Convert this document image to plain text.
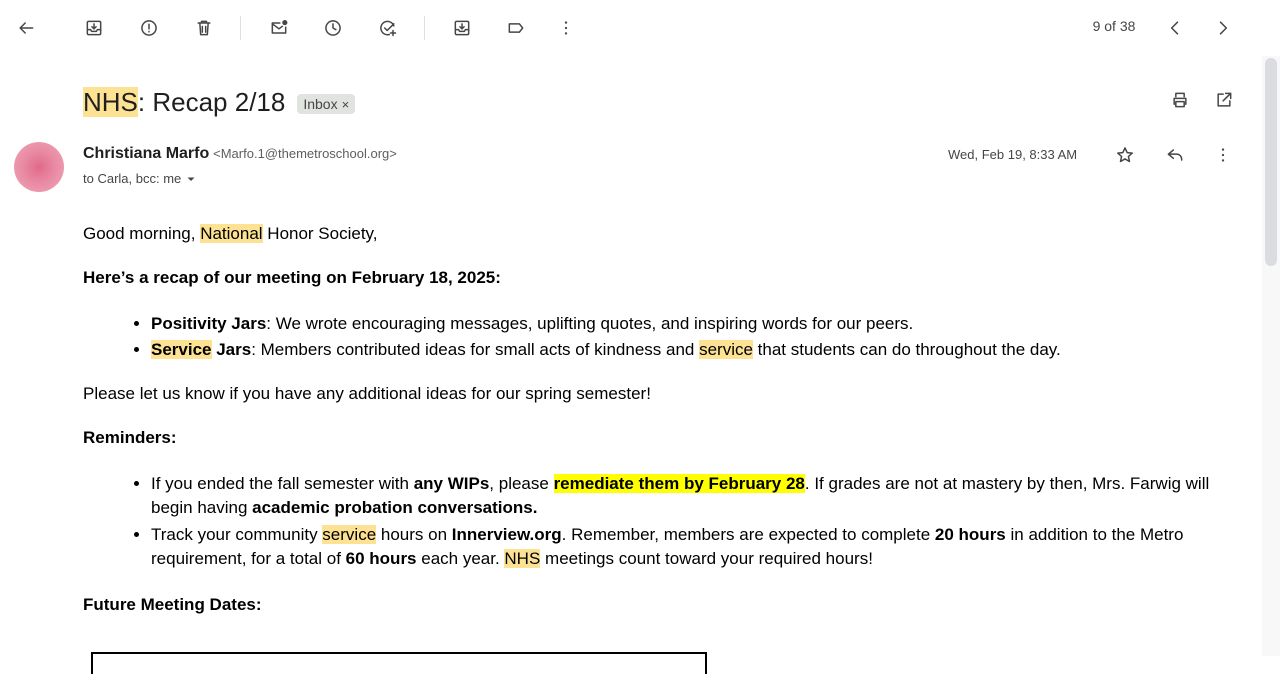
9 of 38
NHS: Recap 2/18 Inbox ×
Christiana Marfo <Marfo.1@themetroschool.org>
to Carla, bcc: me
Wed, Feb 19, 8:33 AM

Good morning, National Honor Society,

Here’s a recap of our meeting on February 18, 2025:

• Positivity Jars: We wrote encouraging messages, uplifting quotes, and inspiring words for our peers.
• Service Jars: Members contributed ideas for small acts of kindness and service that students can do throughout the day.

Please let us know if you have any additional ideas for our spring semester!

Reminders:

• If you ended the fall semester with any WIPs, please remediate them by February 28. If grades are not at mastery by then, Mrs. Farwig will begin having academic probation conversations.
• Track your community service hours on Innerview.org. Remember, members are expected to complete 20 hours in addition to the Metro requirement, for a total of 60 hours each year. NHS meetings count toward your required hours!

Future Meeting Dates:
